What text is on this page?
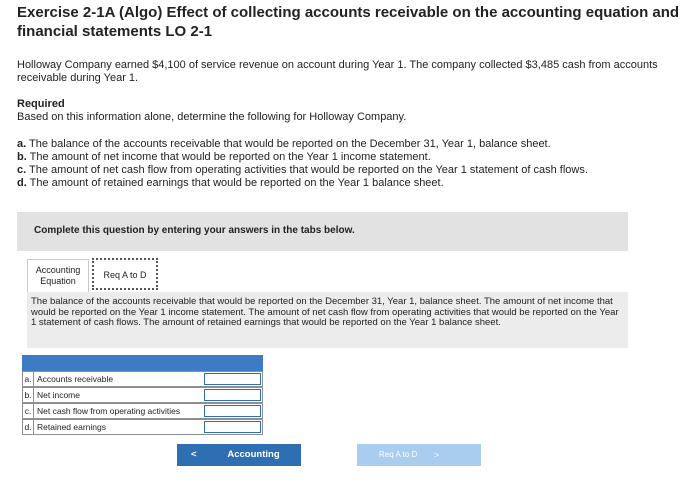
Exercise 2-1A (Algo) Effect of collecting accounts receivable on the accounting equation and financial statements LO 2-1
Holloway Company earned $4,100 of service revenue on account during Year 1. The company collected $3,485 cash from accounts receivable during Year 1.
Required
Based on this information alone, determine the following for Holloway Company.
a. The balance of the accounts receivable that would be reported on the December 31, Year 1, balance sheet.
b. The amount of net income that would be reported on the Year 1 income statement.
c. The amount of net cash flow from operating activities that would be reported on the Year 1 statement of cash flows.
d. The amount of retained earnings that would be reported on the Year 1 balance sheet.
Complete this question by entering your answers in the tabs below.
Accounting Equation
Req A to D
The balance of the accounts receivable that would be reported on the December 31, Year 1, balance sheet. The amount of net income that would be reported on the Year 1 income statement. The amount of net cash flow from operating activities that would be reported on the Year 1 statement of cash flows. The amount of retained earnings that would be reported on the Year 1 balance sheet.
a. Accounts receivable
b. Net income
c. Net cash flow from operating activities
d. Retained earnings
<	Accounting Equation
Req A to D >
